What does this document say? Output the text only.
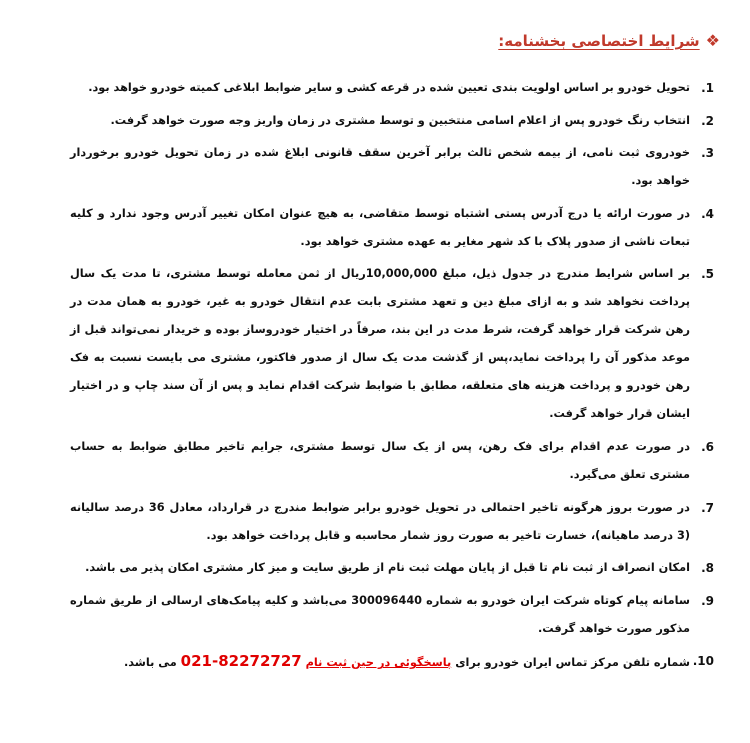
❖
شرایط اختصاصی بخشنامه:
.1
تحویل خودرو بر اساس اولویت بندی تعیین شده در قرعه کشی و سایر ضوابط ابلاغی کمیته خودرو خواهد بود.
.2
انتخاب رنگ خودرو پس از اعلام اسامی منتخبین و توسط مشتری در زمان واریز وجه صورت خواهد گرفت.
.3
خودروی ثبت نامی، از بیمه شخص ثالث برابر آخرین سقف قانونی ابلاغ شده در زمان تحویل خودرو برخوردار خواهد بود.
.4
در صورت ارائه یا درج آدرس پستی اشتباه توسط متقاضی، به هیچ عنوان امکان تغییر آدرس وجود ندارد و کلیه تبعات ناشی از صدور پلاک با کد شهر مغایر به عهده مشتری خواهد بود.
.5
بر اساس شرایط مندرج در جدول ذیل، مبلغ 10,000,000ریال از ثمن معامله توسط مشتری، تا مدت یک سال پرداخت نخواهد شد و به ازای مبلغ دین و تعهد مشتری بابت عدم انتقال خودرو به غیر، خودرو به همان مدت در رهن شرکت قرار خواهد گرفت، شرط مدت در این بند، صرفاً در اختیار خودروساز بوده و خریدار نمی‌تواند قبل از موعد مذکور آن را پرداخت نماید،پس از گذشت مدت یک سال از صدور فاکتور، مشتری می بایست نسبت به فک رهن خودرو و پرداخت هزینه های متعلقه، مطابق با ضوابط شرکت اقدام نماید و پس از آن سند چاپ و در اختیار ایشان قرار خواهد گرفت.
.6
در صورت عدم اقدام برای فک رهن، پس از یک سال توسط مشتری، جرایم تاخیر مطابق ضوابط به حساب مشتری تعلق می‌گیرد.
.7
در صورت بروز هرگونه تاخیر احتمالی در تحویل خودرو برابر ضوابط مندرج در قرارداد، معادل 36 درصد سالیانه (3 درصد ماهیانه)، خسارت تاخیر به صورت روز شمار محاسبه و قابل پرداخت خواهد بود.
.8
امکان انصراف از ثبت نام تا قبل از پایان مهلت ثبت نام از طریق سایت و میز کار مشتری امکان پذیر می باشد.
.9
سامانه پیام کوتاه شرکت ایران خودرو به شماره 300096440 می‌باشد و کلیه پیامک‌های ارسالی از طریق شماره مذکور صورت خواهد گرفت.
.10
شماره تلفن مرکز تماس ایران خودرو برای پاسخگوئی در حین ثبت نام 021-82272727 می باشد.
